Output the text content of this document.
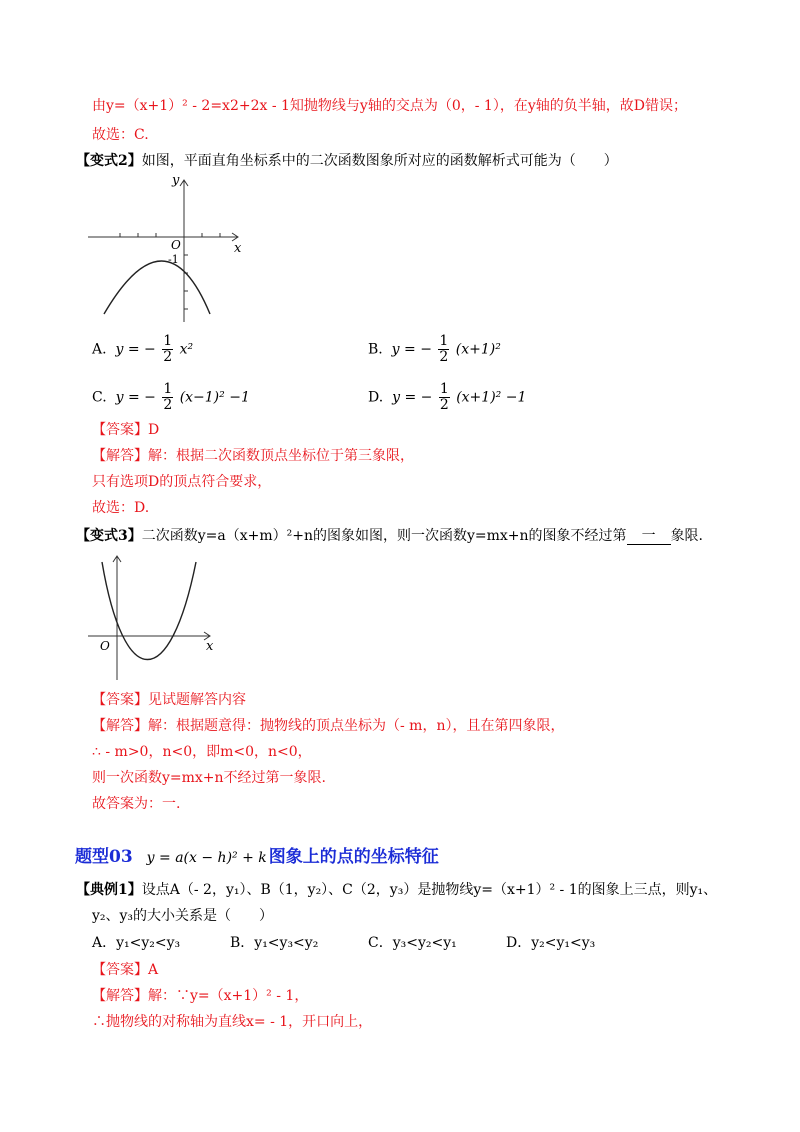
由y=（x+1）² - 2=x2+2x - 1知抛物线与y轴的交点为（0，- 1），在y轴的负半轴，故D错误；
故选：C.
【变式2】如图，平面直角坐标系中的二次函数图象所对应的函数解析式可能为（　　）
y
x
O
-1
A. y = − $\frac{1}{2} x^2$	B. y = − $\frac{1}{2} (x+1)^2$
C. y = − $\frac{1}{2} (x-1)^2 -1$	D. y = − $\frac{1}{2} (x+1)^2 -1$
【答案】D
【解答】解：根据二次函数顶点坐标位于第三象限，
只有选项D的顶点符合要求，
故选：D.
【变式3】二次函数y=a（x+m）²+n的图象如图，则一次函数y=mx+n的图象不经过第 一 象限.
x
O
【答案】见试题解答内容
【解答】解：根据题意得：抛物线的顶点坐标为（- m，n），且在第四象限，
∴ - m>0，n<0，即m<0，n<0，
则一次函数y=mx+n不经过第一象限.
故答案为：一.
题型03 y = a(x − h)² + k 图象上的点的坐标特征
【典例1】设点A（- 2，y₁）、B（1，y₂）、C（2，y₃）是抛物线y=（x+1）² - 1的图象上三点，则y₁、
y₂、y₃的大小关系是（　　）
A．y₁<y₂<y₃	B．y₁<y₃<y₂	C．y₃<y₂<y₁	D．y₂<y₁<y₃
【答案】A
【解答】解：∵y=（x+1）² - 1，
∴抛物线的对称轴为直线x= - 1，开口向上，
